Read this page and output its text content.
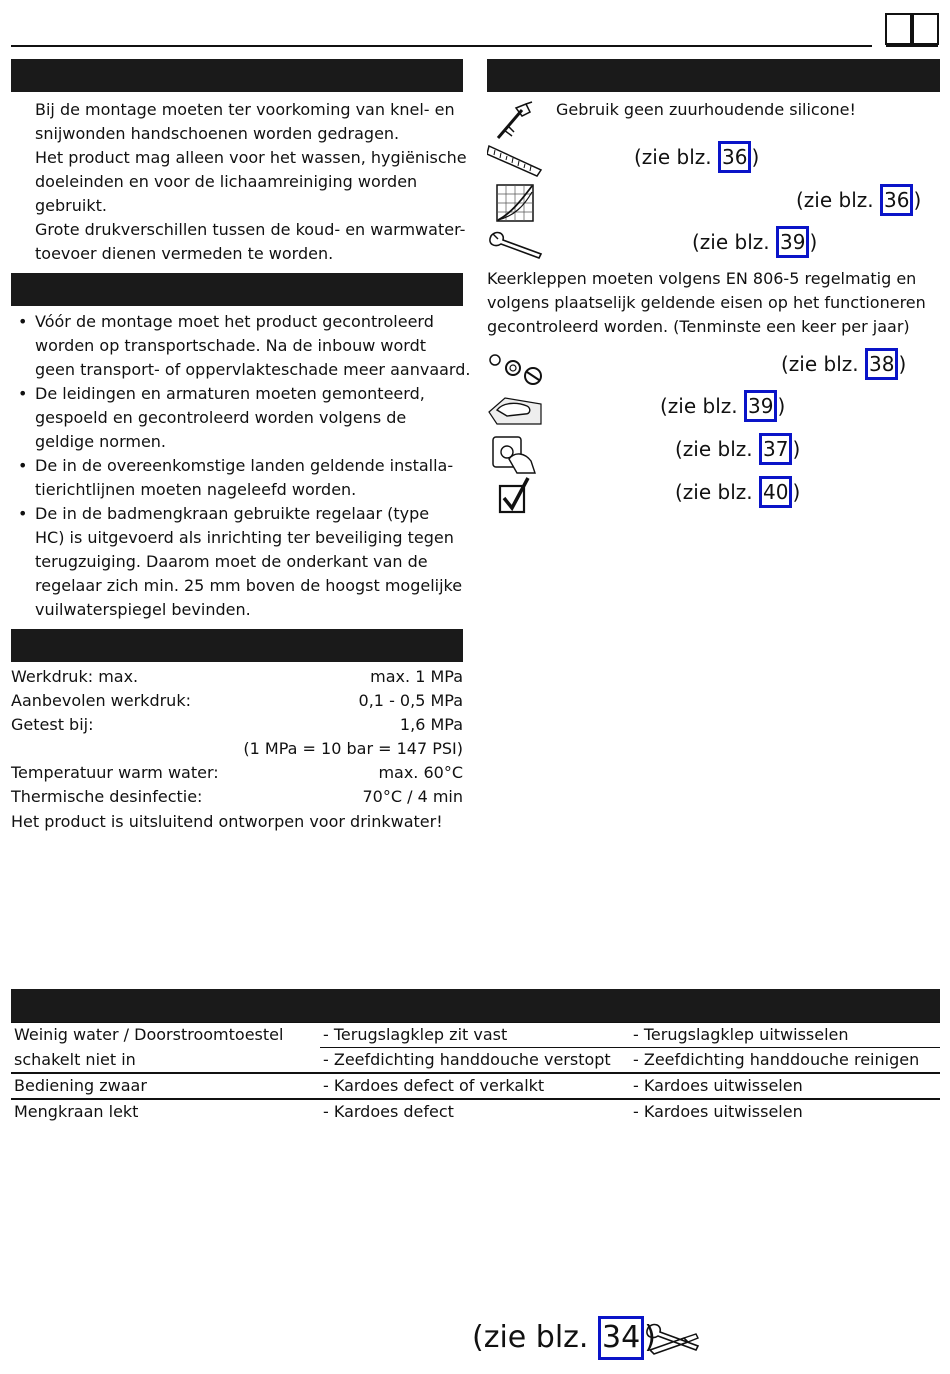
Bij de montage moeten ter voorkoming van knel- en
snijwonden handschoenen worden gedragen.
Het product mag alleen voor het wassen, hygiënische
doeleinden en voor de lichaamreiniging worden
gebruikt.
Grote drukverschillen tussen de koud- en warmwater-
toevoer dienen vermeden te worden.
• Vóór de montage moet het product gecontroleerd
worden op transportschade. Na de inbouw wordt
geen transport- of oppervlakteschade meer aanvaard.
• De leidingen en armaturen moeten gemonteerd,
gespoeld en gecontroleerd worden volgens de
geldige normen.
• De in de overeenkomstige landen geldende installa-
tierichtlijnen moeten nageleefd worden.
• De in de badmengkraan gebruikte regelaar (type
HC) is uitgevoerd als inrichting ter beveiliging tegen
terugzuiging. Daarom moet de onderkant van de
regelaar zich min. 25 mm boven de hoogst mogelijke
vuilwaterspiegel bevinden.
Werkdruk: max.	max. 1 MPa
Aanbevolen werkdruk:	0,1 - 0,5 MPa
Getest bij:	1,6 MPa
(1 MPa = 10 bar = 147 PSI)
Temperatuur warm water:	max. 60°C
Thermische desinfectie:	70°C / 4 min
Het product is uitsluitend ontworpen voor drinkwater!
Gebruik geen zuurhoudende silicone!
(zie blz. 36 )
(zie blz. 36 )
(zie blz. 39 )
Keerkleppen moeten volgens EN 806-5 regelmatig en
volgens plaatselijk geldende eisen op het functioneren
gecontroleerd worden. (Tenminste een keer per jaar)
(zie blz. 38 )
(zie blz. 39 )
(zie blz. 37 )
(zie blz. 40 )
Weinig water / Doorstroomtoestel	- Terugslagklep zit vast	- Terugslagklep uitwisselen
schakelt niet in	- Zeefdichting handdouche verstopt	- Zeefdichting handdouche reinigen
Bediening zwaar	- Kardoes defect of verkalkt	- Kardoes uitwisselen
Mengkraan lekt	- Kardoes defect	- Kardoes uitwisselen
(zie blz. 34 )
